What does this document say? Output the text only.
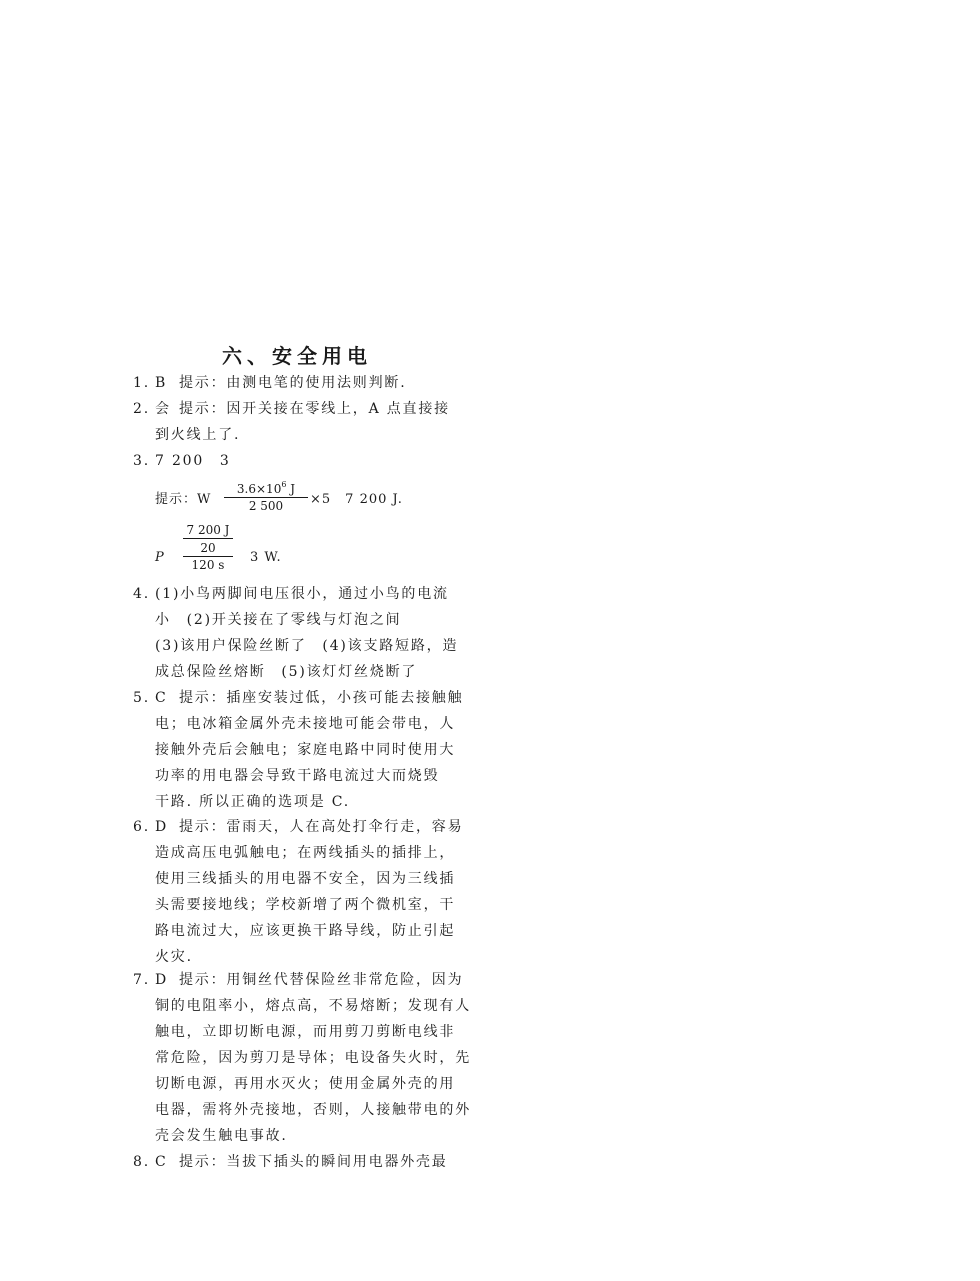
六、安全用电
1. B 提示：由测电笔的使用法则判断.
2. 会 提示：因开关接在零线上，A 点直接接
到火线上了.
3. 7 200　3
提示：W $\frac{3.6\times 10^6 J}{2 500} \times 5$　7 200 J.
P
7 200 J
$\frac{20}{120 s} 3$ W.
4. (1)小鸟两脚间电压很小，通过小鸟的电流
小　(2)开关接在了零线与灯泡之间
(3)该用户保险丝断了　(4)该支路短路，造
成总保险丝熔断　(5)该灯灯丝烧断了
5. C 提示：插座安装过低，小孩可能去接触触
电；电冰箱金属外壳未接地可能会带电，人
接触外壳后会触电；家庭电路中同时使用大
功率的用电器会导致干路电流过大而烧毁
干路. 所以正确的选项是 C.
6. D 提示：雷雨天，人在高处打伞行走，容易
造成高压电弧触电；在两线插头的插排上，
使用三线插头的用电器不安全，因为三线插
头需要接地线；学校新增了两个微机室，干
路电流过大，应该更换干路导线，防止引起
火灾.
7. D 提示：用铜丝代替保险丝非常危险，因为
铜的电阻率小，熔点高，不易熔断；发现有人
触电，立即切断电源，而用剪刀剪断电线非
常危险，因为剪刀是导体；电设备失火时，先
切断电源，再用水灭火；使用金属外壳的用
电器，需将外壳接地，否则，人接触带电的外
壳会发生触电事故.
8. C 提示：当拔下插头的瞬间用电器外壳最
